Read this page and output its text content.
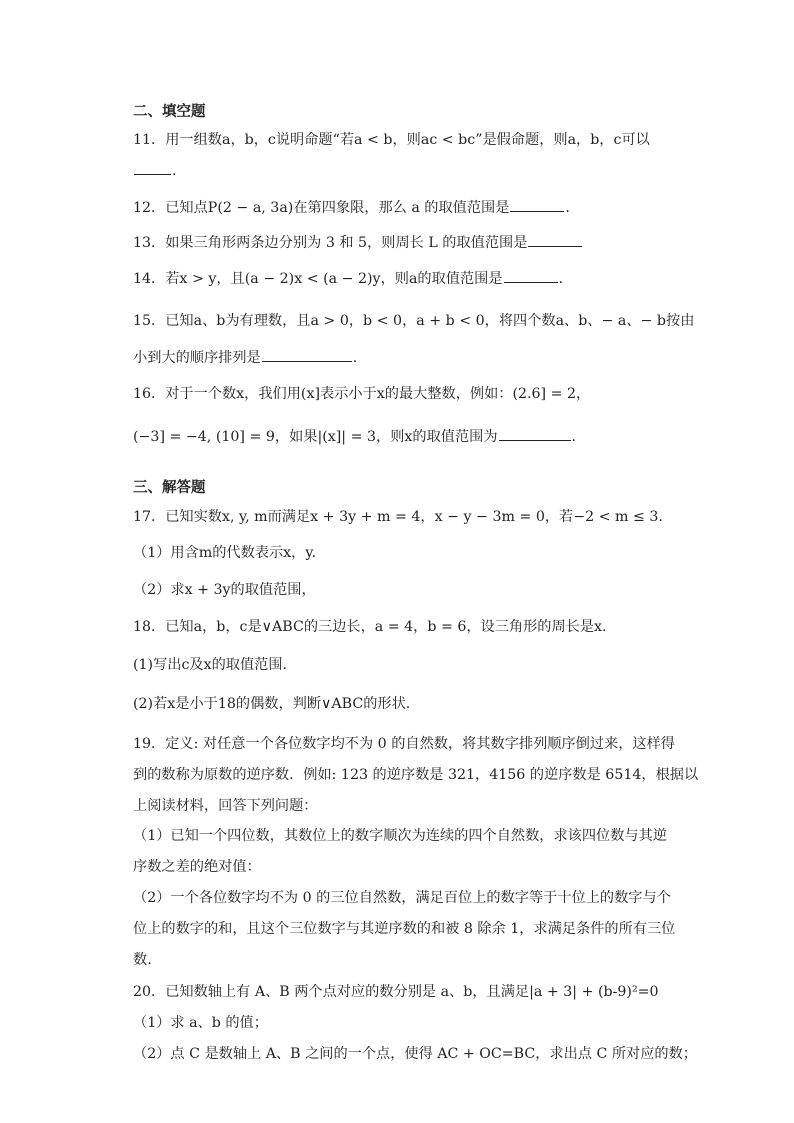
二、填空题
11．用一组数a，b，c说明命题“若a < b，则ac < bc”是假命题，则a，b，c可以
.
12．已知点P(2 − a, 3a)在第四象限，那么 a 的取值范围是	.
13．如果三角形两条边分别为 3 和 5，则周长 L 的取值范围是
14．若x > y，且(a − 2)x < (a − 2)y，则a的取值范围是	.
15．已知a、b为有理数，且a > 0，b < 0，a + b < 0，将四个数a、b、− a、− b按由
小到大的顺序排列是	.
16．对于一个数x，我们用(x]表示小于x的最大整数，例如：(2.6] = 2，
(−3] = −4, (10] = 9，如果|(x]| = 3，则x的取值范围为	.
三、解答题
17．已知实数x, y, m而满足x + 3y + m = 4，x − y − 3m = 0，若−2 < m ≤ 3.
（1）用含m的代数表示x，y.
（2）求x + 3y的取值范围，
18．已知a，b，c是∨ABC的三边长，a = 4，b = 6，设三角形的周长是x.
(1)写出c及x的取值范围.
(2)若x是小于18的偶数，判断∨ABC的形状.
19．定义: 对任意一个各位数字均不为 0 的自然数，将其数字排列顺序倒过来，这样得
到的数称为原数的逆序数．例如: 123 的逆序数是 321，4156 的逆序数是 6514，根据以
上阅读材料，回答下列问题：
（1）已知一个四位数，其数位上的数字顺次为连续的四个自然数，求该四位数与其逆
序数之差的绝对值：
（2）一个各位数字均不为 0 的三位自然数，满足百位上的数字等于十位上的数字与个
位上的数字的和，且这个三位数字与其逆序数的和被 8 除余 1，求满足条件的所有三位
数.
20．已知数轴上有 A、B 两个点对应的数分别是 a、b，且满足|a + 3| + (b-9)²=0
（1）求 a、b 的值；
（2）点 C 是数轴上 A、B 之间的一个点，使得 AC + OC=BC，求出点 C 所对应的数；
